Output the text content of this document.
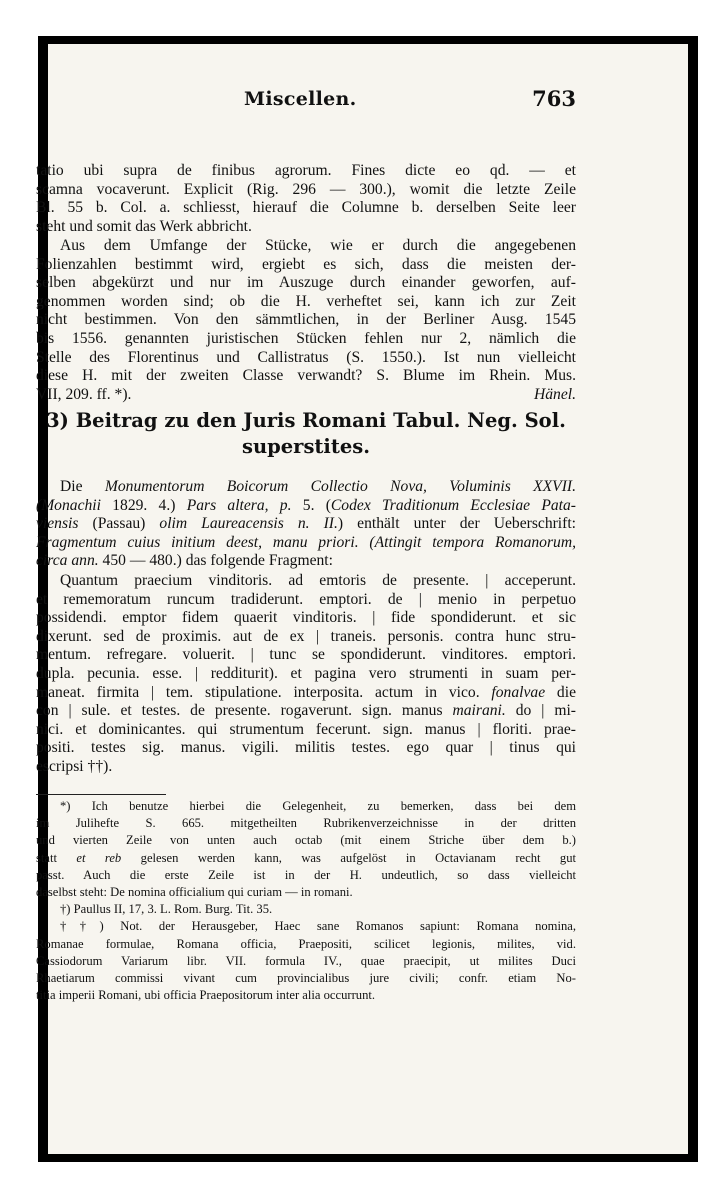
Miscellen.	763
tatio ubi supra de finibus agrorum. Fines dicte eo qd. — et
scamna vocaverunt. Explicit (Rig. 296 — 300.), womit die letzte Zeile
Bl. 55 b. Col. a. schliesst, hierauf die Columne b. derselben Seite leer
steht und somit das Werk abbricht.
Aus dem Umfange der Stücke, wie er durch die angegebenen
Folienzahlen bestimmt wird, ergiebt es sich, dass die meisten der-
selben abgekürzt und nur im Auszuge durch einander geworfen, auf-
genommen worden sind; ob die H. verheftet sei, kann ich zur Zeit
nicht bestimmen. Von den sämmtlichen, in der Berliner Ausg. 1545
bis 1556. genannten juristischen Stücken fehlen nur 2, nämlich die
Stelle des Florentinus und Callistratus (S. 1550.). Ist nun vielleicht
diese H. mit der zweiten Classe verwandt? S. Blume im Rhein. Mus.
VII, 209. ff. *).	Hänel.
3) Beitrag zu den Juris Romani Tabul. Neg. Sol.
superstites.
Die Monumentorum Boicorum Collectio Nova, Voluminis XXVII.
(Monachii 1829. 4.) Pars altera, p. 5. (Codex Traditionum Ecclesiae Pata-
viensis (Passau) olim Laureacensis n. II.) enthält unter der Ueberschrift:
Fragmentum cuius initium deest, manu priori. (Attingit tempora Romanorum,
circa ann. 450 — 480.) das folgende Fragment:
Quantum praecium vinditoris. ad emtoris de presente. | acceperunt.
et rememoratum runcum tradiderunt. emptori. de | menio in perpetuo
possidendi. emptor fidem quaerit vinditoris. | fide spondiderunt. et sic
dixerunt. sed de proximis. aut de ex | traneis. personis. contra hunc stru-
mentum. refregare. voluerit. | tunc se spondiderunt. vinditores. emptori.
dupla. pecunia. esse. | redditurit). et pagina vero strumenti in suam per-
maneat. firmita | tem. stipulatione. interposita. actum in vico. fonalvae die
con | sule. et testes. de presente. rogaverunt. sign. manus mairani. do | mi-
nici. et dominicantes. qui strumentum fecerunt. sign. manus | floriti. prae-
positi. testes sig. manus. vigili. militis testes. ego quar | tinus qui
escripsi ††).
*) Ich benutze hierbei die Gelegenheit, zu bemerken, dass bei dem
im Julihefte S. 665. mitgetheilten Rubrikenverzeichnisse in der dritten
und vierten Zeile von unten auch octab (mit einem Striche über dem b.)
statt et reb gelesen werden kann, was aufgelöst in Octavianam recht gut
passt. Auch die erste Zeile ist in der H. undeutlich, so dass vielleicht
daselbst steht: De nomina officialium qui curiam — in romani.
†) Paullus II, 17, 3. L. Rom. Burg. Tit. 35.
††) Not. der Herausgeber, Haec sane Romanos sapiunt: Romana nomina,
Romanae formulae, Romana officia, Praepositi, scilicet legionis, milites, vid.
Cassiodorum Variarum libr. VII. formula IV., quae praecipit, ut milites Duci
Rhaetiarum commissi vivant cum provincialibus jure civili; confr. etiam No-
titia imperii Romani, ubi officia Praepositorum inter alia occurrunt.
